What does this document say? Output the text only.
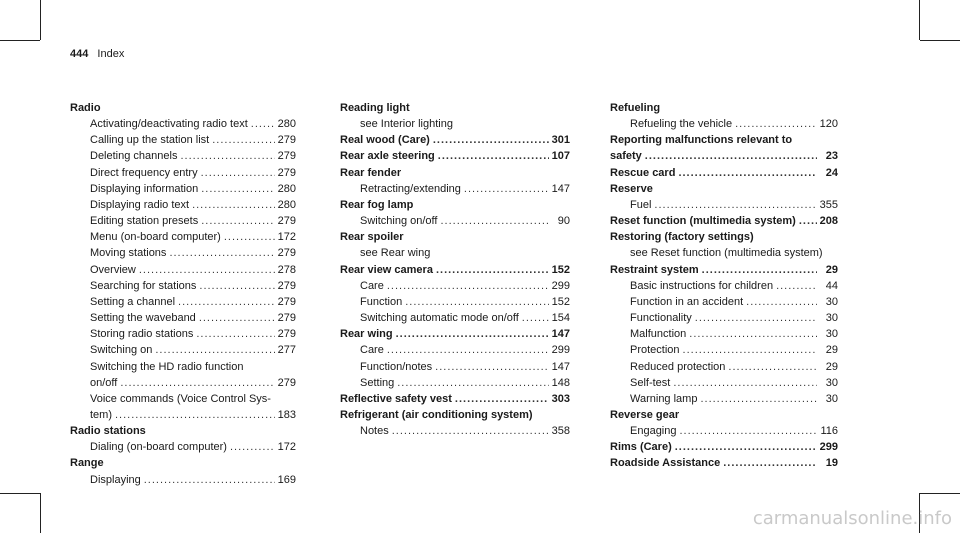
444 Index
Radio
Activating/deactivating radio text .....	280
Calling up the station list .....	279
Deleting channels .....	279
Direct frequency entry .....	279
Displaying information .....	280
Displaying radio text .....	280
Editing station presets .....	279
Menu (on-board computer) .....	172
Moving stations .....	279
Overview .....	278
Searching for stations .....	279
Setting a channel .....	279
Setting the waveband .....	279
Storing radio stations .....	279
Switching on .....	277
Switching the HD radio function
on/off .....	279
Voice commands (Voice Control Sys-
tem) .....	183
Radio stations
Dialing (on-board computer) .....	172
Range
Displaying .....	169
Reading light
see Interior lighting
Real wood (Care) .....	301
Rear axle steering .....	107
Rear fender
Retracting/extending .....	147
Rear fog lamp
Switching on/off .....	90
Rear spoiler
see Rear wing
Rear view camera .....	152
Care .....	299
Function .....	152
Switching automatic mode on/off .....	154
Rear wing .....	147
Care .....	299
Function/notes .....	147
Setting .....	148
Reflective safety vest .....	303
Refrigerant (air conditioning system)
Notes .....	358
Refueling
Refueling the vehicle .....	120
Reporting malfunctions relevant to
safety .....	23
Rescue card .....	24
Reserve
Fuel .....	355
Reset function (multimedia system) ..... 208
Restoring (factory settings)
see Reset function (multimedia system)
Restraint system .....	29
Basic instructions for children .....	44
Function in an accident .....	30
Functionality .....	30
Malfunction .....	30
Protection .....	29
Reduced protection .....	29
Self-test .....	30
Warning lamp .....	30
Reverse gear
Engaging .....	116
Rims (Care) .....	299
Roadside Assistance .....	19
carmanualsonline.info
